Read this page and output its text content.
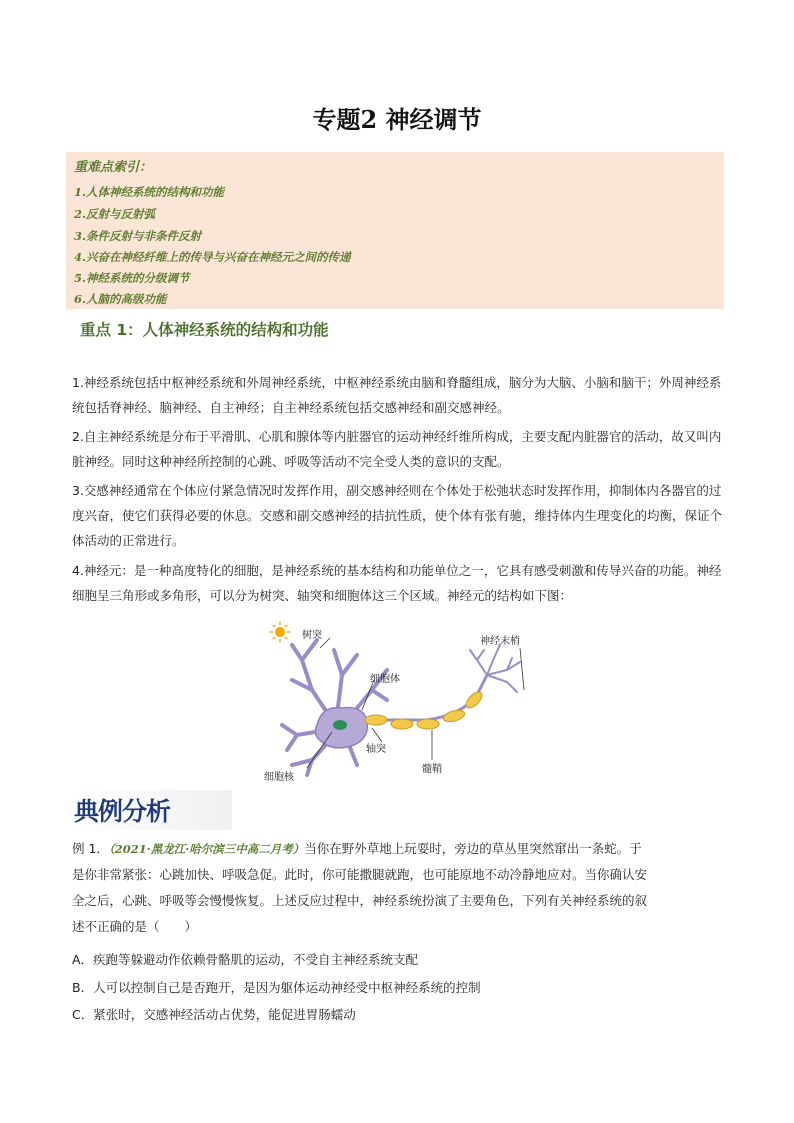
专题2 神经调节
重难点索引：
1.人体神经系统的结构和功能
2.反射与反射弧
3.条件反射与非条件反射
4.兴奋在神经纤维上的传导与兴奋在神经元之间的传递
5.神经系统的分级调节
6.人脑的高级功能
重点 1：人体神经系统的结构和功能
1.神经系统包括中枢神经系统和外周神经系统，中枢神经系统由脑和脊髓组成，脑分为大脑、小脑和脑干；外周神经系统包括脊神经、脑神经、自主神经；自主神经系统包括交感神经和副交感神经。
2.自主神经系统是分布于平滑肌、心肌和腺体等内脏器官的运动神经纤维所构成，主要支配内脏器官的活动，故又叫内脏神经。同时这种神经所控制的心跳、呼吸等活动不完全受人类的意识的支配。
3.交感神经通常在个体应付紧急情况时发挥作用，副交感神经则在个体处于松弛状态时发挥作用，抑制体内各器官的过度兴奋，使它们获得必要的休息。交感和副交感神经的拮抗性质，使个体有张有驰，维持体内生理变化的均衡，保证个体活动的正常进行。
4.神经元：是一种高度特化的细胞，是神经系统的基本结构和功能单位之一，它具有感受刺激和传导兴奋的功能。神经细胞呈三角形或多角形，可以分为树突、轴突和细胞体这三个区域。神经元的结构如下图：
树突
细胞体
轴突
细胞核
髓鞘
神经末梢
典例分析
例 1．（2021·黑龙江·哈尔滨三中高二月考）当你在野外草地上玩耍时，旁边的草丛里突然窜出一条蛇。于
是你非常紧张：心跳加快、呼吸急促。此时，你可能撒腿就跑，也可能原地不动冷静地应对。当你确认安
全之后，心跳、呼吸等会慢慢恢复。上述反应过程中，神经系统扮演了主要角色，下列有关神经系统的叙
述不正确的是（　　）
A．疾跑等躲避动作依赖骨骼肌的运动，不受自主神经系统支配
B．人可以控制自己是否跑开，是因为躯体运动神经受中枢神经系统的控制
C．紧张时，交感神经活动占优势，能促进胃肠蠕动
